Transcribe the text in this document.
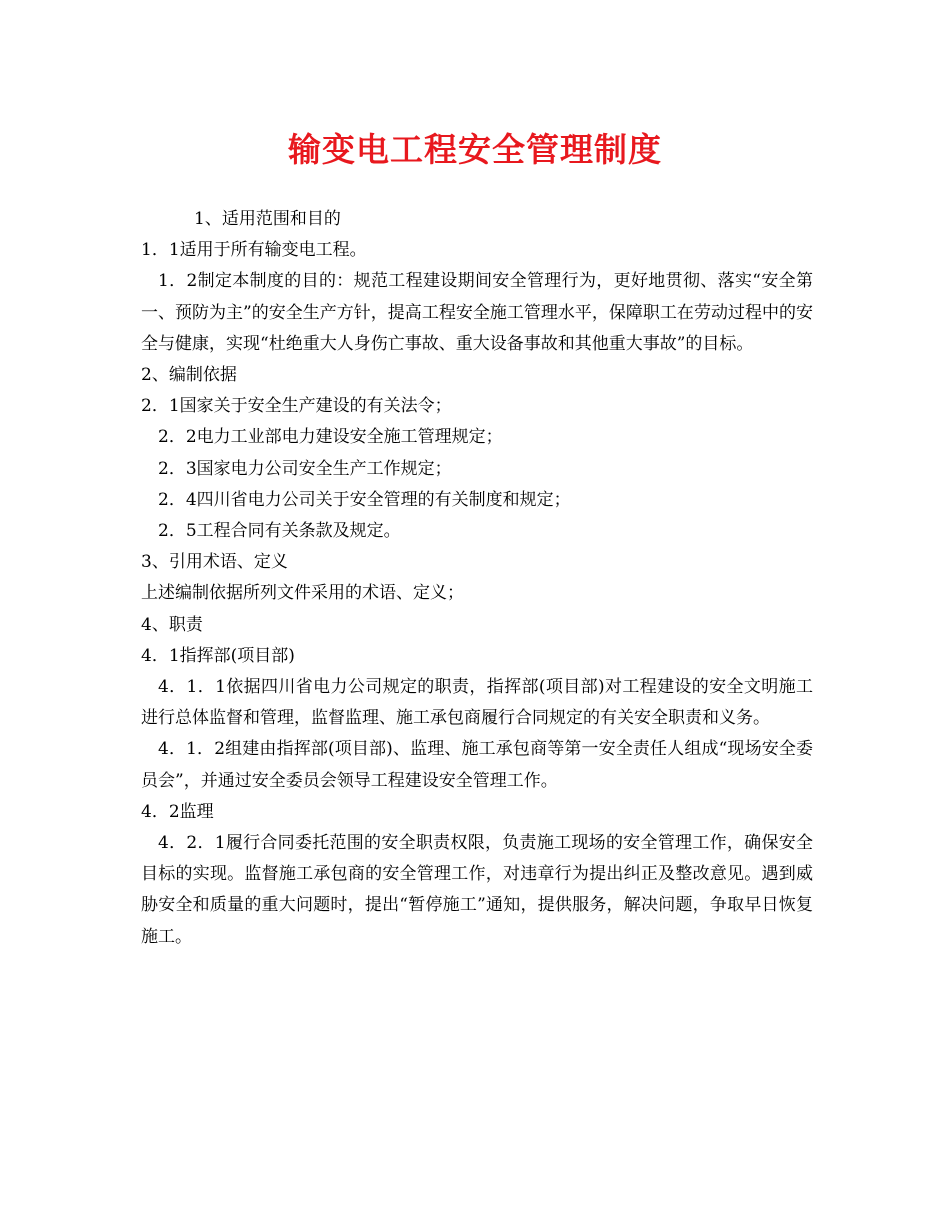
输变电工程安全管理制度

1、适用范围和目的

1．1适用于所有输变电工程。

1．2制定本制度的目的：规范工程建设期间安全管理行为，更好地贯彻、落实“安全第一、预防为主”的安全生产方针，提高工程安全施工管理水平，保障职工在劳动过程中的安全与健康，实现“杜绝重大人身伤亡事故、重大设备事故和其他重大事故”的目标。

2、编制依据

2．1国家关于安全生产建设的有关法令；

2．2电力工业部电力建设安全施工管理规定；

2．3国家电力公司安全生产工作规定；

2．4四川省电力公司关于安全管理的有关制度和规定；

2．5工程合同有关条款及规定。

3、引用术语、定义

上述编制依据所列文件采用的术语、定义；

4、职责

4．1指挥部(项目部)

4．1．1依据四川省电力公司规定的职责，指挥部(项目部)对工程建设的安全文明施工进行总体监督和管理，监督监理、施工承包商履行合同规定的有关安全职责和义务。

4．1．2组建由指挥部(项目部)、监理、施工承包商等第一安全责任人组成“现场安全委员会”，并通过安全委员会领导工程建设安全管理工作。

4．2监理

4．2．1履行合同委托范围的安全职责权限，负责施工现场的安全管理工作，确保安全目标的实现。监督施工承包商的安全管理工作，对违章行为提出纠正及整改意见。遇到威胁安全和质量的重大问题时，提出“暂停施工”通知，提供服务，解决问题，争取早日恢复施工。
